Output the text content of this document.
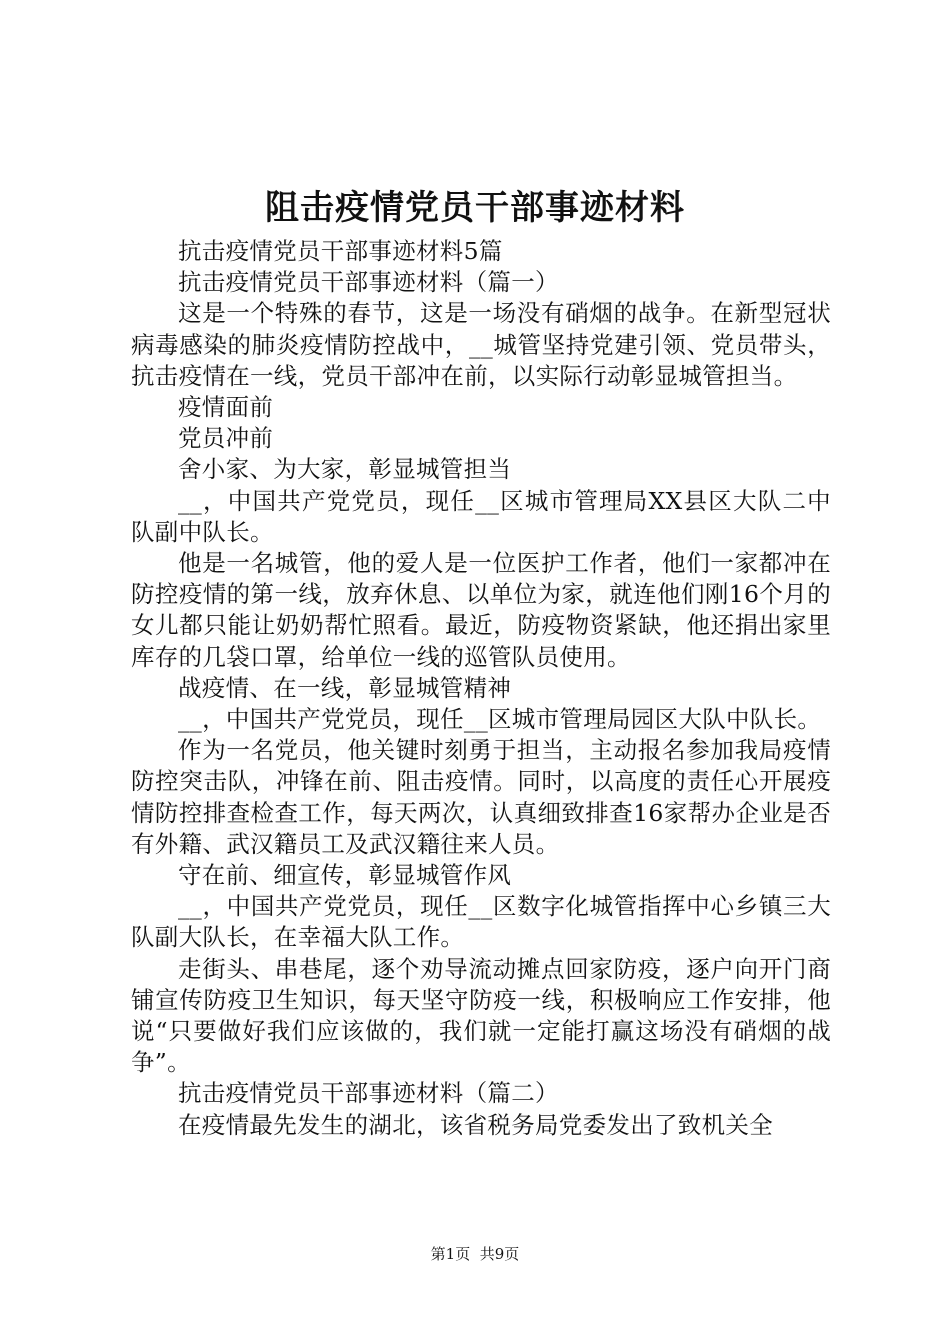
阻击疫情党员干部事迹材料

抗击疫情党员干部事迹材料5篇

抗击疫情党员干部事迹材料（篇一）

这是一个特殊的春节，这是一场没有硝烟的战争。在新型冠状病毒感染的肺炎疫情防控战中，__城管坚持党建引领、党员带头，抗击疫情在一线，党员干部冲在前，以实际行动彰显城管担当。

疫情面前

党员冲前

舍小家、为大家，彰显城管担当

__，中国共产党党员，现任__区城市管理局XX县区大队二中队副中队长。

他是一名城管，他的爱人是一位医护工作者，他们一家都冲在防控疫情的第一线，放弃休息、以单位为家，就连他们刚16个月的女儿都只能让奶奶帮忙照看。最近，防疫物资紧缺，他还捐出家里库存的几袋口罩，给单位一线的巡管队员使用。

战疫情、在一线，彰显城管精神

__，中国共产党党员，现任__区城市管理局园区大队中队长。

作为一名党员，他关键时刻勇于担当，主动报名参加我局疫情防控突击队，冲锋在前、阻击疫情。同时，以高度的责任心开展疫情防控排查检查工作，每天两次，认真细致排查16家帮办企业是否有外籍、武汉籍员工及武汉籍往来人员。

守在前、细宣传，彰显城管作风

__，中国共产党党员，现任__区数字化城管指挥中心乡镇三大队副大队长，在幸福大队工作。

走街头、串巷尾，逐个劝导流动摊点回家防疫，逐户向开门商铺宣传防疫卫生知识，每天坚守防疫一线，积极响应工作安排，他说“只要做好我们应该做的，我们就一定能打赢这场没有硝烟的战争”。

抗击疫情党员干部事迹材料（篇二）

在疫情最先发生的湖北，该省税务局党委发出了致机关全

第1页 共9页
